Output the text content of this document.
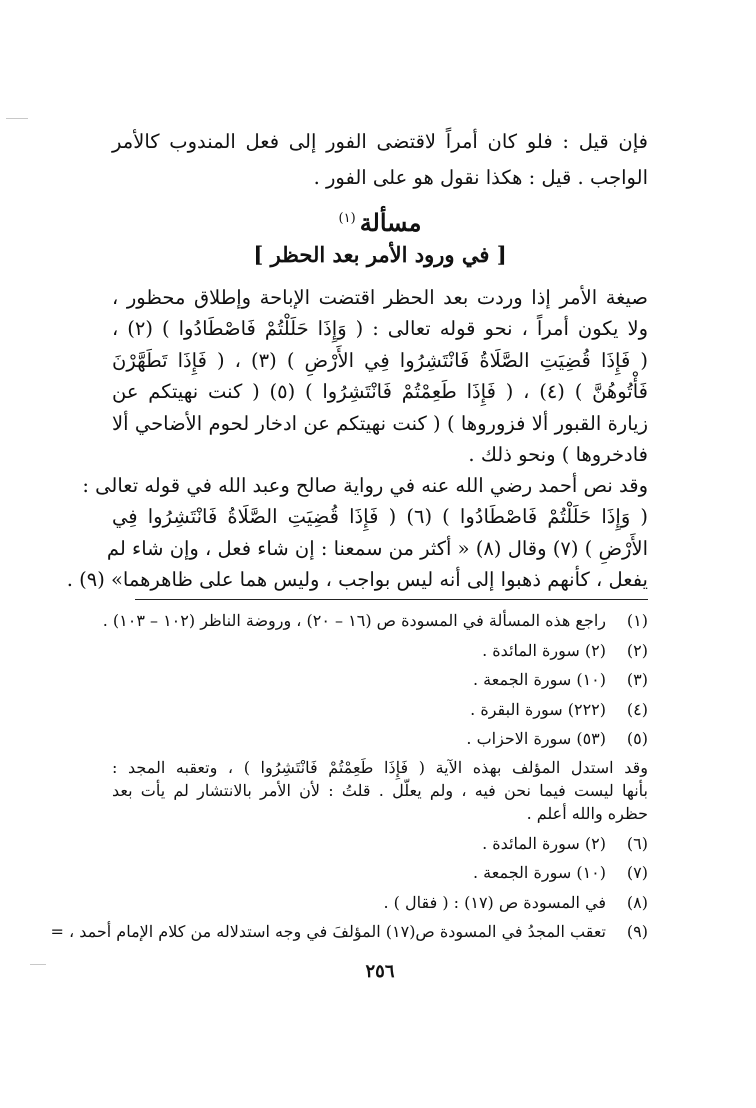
فإن قيل : فلو كان أمراً لاقتضى الفور إلى فعل المندوب كالأمر
الواجب . قيل : هكذا نقول هو على الفور .
مسألة$^{(١)}$
[ في ورود الأمر بعد الحظر ]
صيغة الأمر إذا وردت بعد الحظر اقتضت الإباحة وإطلاق محظور ،
ولا يكون أمراً ، نحو قوله تعالى : ( وَإِذَا حَلَلْتُمْ فَاصْطَادُوا ) (٢) ،
( فَإِذَا قُضِيَتِ الصَّلَاةُ فَانْتَشِرُوا فِي الأَرْضِ ) (٣) ، ( فَإِذَا تَطَهَّرْنَ
فَأْتُوهُنَّ ) (٤) ، ( فَإِذَا طَعِمْتُمْ فَانْتَشِرُوا ) (٥) ( كنت نهيتكم عن
زيارة القبور ألا فزوروها ) ( كنت نهيتكم عن ادخار لحوم الأضاحي ألا
فادخروها ) ونحو ذلك .
وقد نص أحمد رضي الله عنه في رواية صالح وعبد الله في قوله تعالى :
( وَإِذَا حَلَلْتُمْ فَاصْطَادُوا ) (٦) ( فَإِذَا قُضِيَتِ الصَّلَاةُ فَانْتَشِرُوا فِي
الأَرْضِ ) (٧) وقال (٨) « أكثر من سمعنا : إن شاء فعل ، وإن شاء لم
يفعل ، كأنهم ذهبوا إلى أنه ليس بواجب ، وليس هما على ظاهرهما» (٩) .
(١)
راجع هذه المسألة في المسودة ص (١٦ – ٢٠) ، وروضة الناظر (١٠٢ – ١٠٣) .
(٢)
(٢) سورة المائدة .
(٣)
(١٠) سورة الجمعة .
(٤)
(٢٢٢) سورة البقرة .
(٥)
(٥٣) سورة الاحزاب .
وقد استدل المؤلف بهذه الآية ( فَإِذَا طَعِمْتُمْ فَانْتَشِرُوا ) ، وتعقبه المجد :
بأنها ليست فيما نحن فيه ، ولم يعلّل . قلتُ : لأن الأمر بالانتشار لم يأت بعد
حظره والله أعلم .
(٦)
(٢) سورة المائدة .
(٧)
(١٠) سورة الجمعة .
(٨)
في المسودة ص (١٧) : ( فقال ) .
(٩)
تعقب المجدُ في المسودة ص(١٧) المؤلفَ في وجه استدلاله من كلام الإمام أحمد ، =
٢٥٦
